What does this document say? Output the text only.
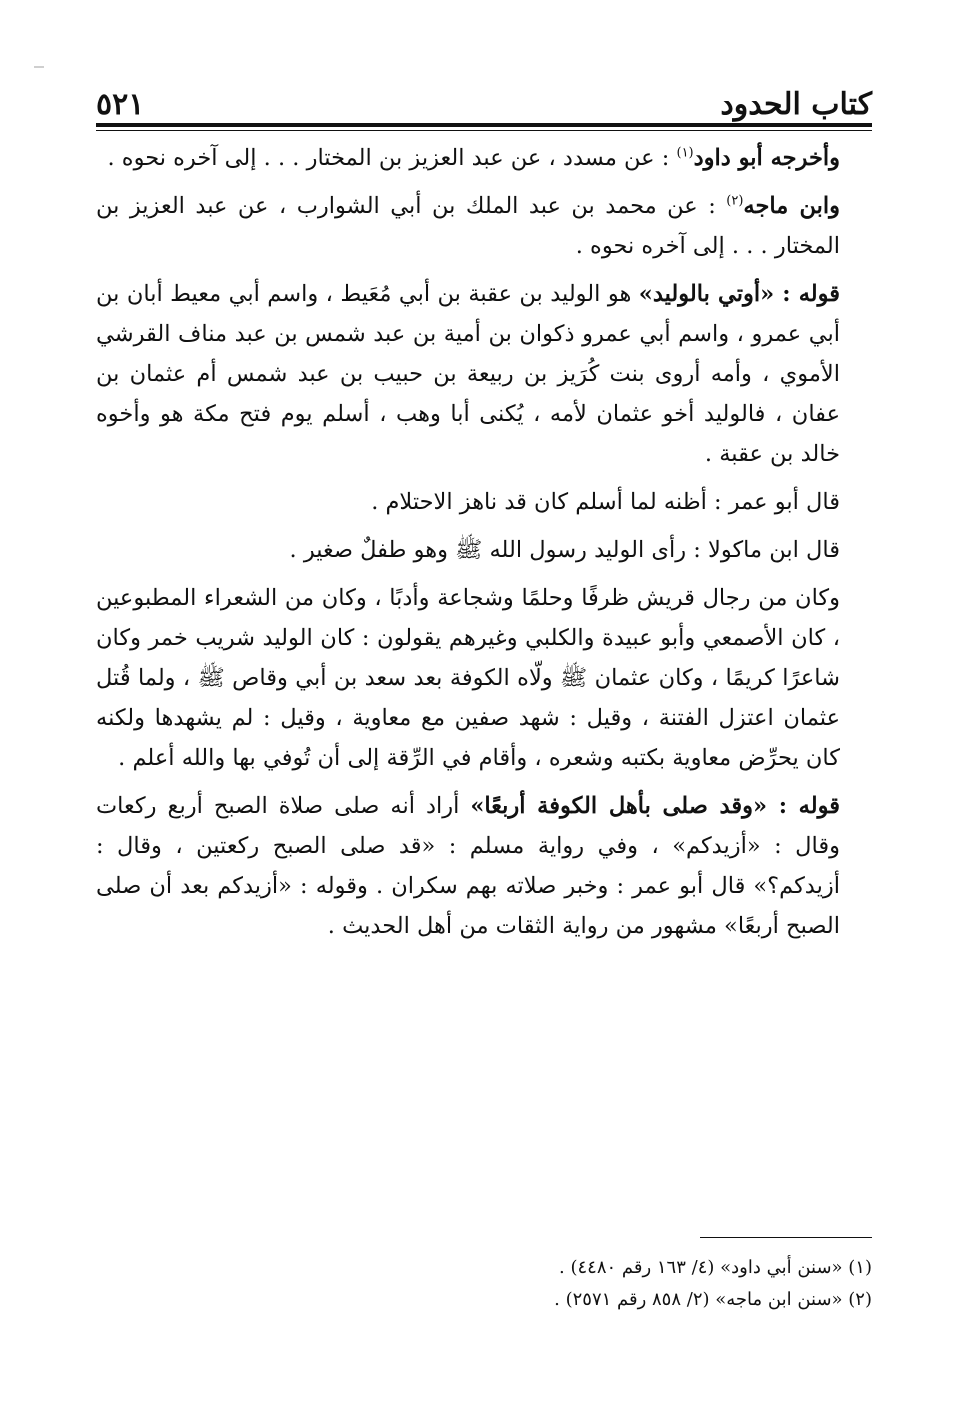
كتاب الحدود
٥٢١

وأخرجه أبو داود$^{(١)}$ : عن مسدد ، عن عبد العزيز بن المختار . . . إلى آخره نحوه .

وابن ماجه$^{(٢)}$ : عن محمد بن عبد الملك بن أبي الشوارب ، عن عبد العزيز بن المختار . . . إلى آخره نحوه .

قوله : «أوتي بالوليد» هو الوليد بن عقبة بن أبي مُعَيط ، واسم أبي معيط أبان بن أبي عمرو ، واسم أبي عمرو ذكوان بن أمية بن عبد شمس بن عبد مناف القرشي الأموي ، وأمه أروى بنت كُرَيز بن ربيعة بن حبيب بن عبد شمس أم عثمان بن عفان ، فالوليد أخو عثمان لأمه ، يُكنى أبا وهب ، أسلم يوم فتح مكة هو وأخوه خالد بن عقبة .

قال أبو عمر : أظنه لما أسلم كان قد ناهز الاحتلام .

قال ابن ماكولا : رأى الوليد رسول الله ﷺ وهو طفلٌ صغير .

وكان من رجال قريش ظرفًا وحلمًا وشجاعة وأدبًا ، وكان من الشعراء المطبوعين ، كان الأصمعي وأبو عبيدة والكلبي وغيرهم يقولون : كان الوليد شريب خمر وكان شاعرًا كريمًا ، وكان عثمان ﷺ ولّاه الكوفة بعد سعد بن أبي وقاص ﷺ ، ولما قُتل عثمان اعتزل الفتنة ، وقيل : شهد صفين مع معاوية ، وقيل : لم يشهدها ولكنه كان يحرِّض معاوية بكتبه وشعره ، وأقام في الرِّقة إلى أن تُوفي بها والله أعلم .

قوله : «وقد صلى بأهل الكوفة أربعًا» أراد أنه صلى صلاة الصبح أربع ركعات وقال : «أزيدكم» ، وفي رواية مسلم : «قد صلى الصبح ركعتين ، وقال : أزيدكم؟» قال أبو عمر : وخبر صلاته بهم سكران . وقوله : «أزيدكم بعد أن صلى الصبح أربعًا» مشهور من رواية الثقات من أهل الحديث .

(١) «سنن أبي داود» (٤/ ١٦٣ رقم ٤٤٨٠) .

(٢) «سنن ابن ماجه» (٢/ ٨٥٨ رقم ٢٥٧١) .
